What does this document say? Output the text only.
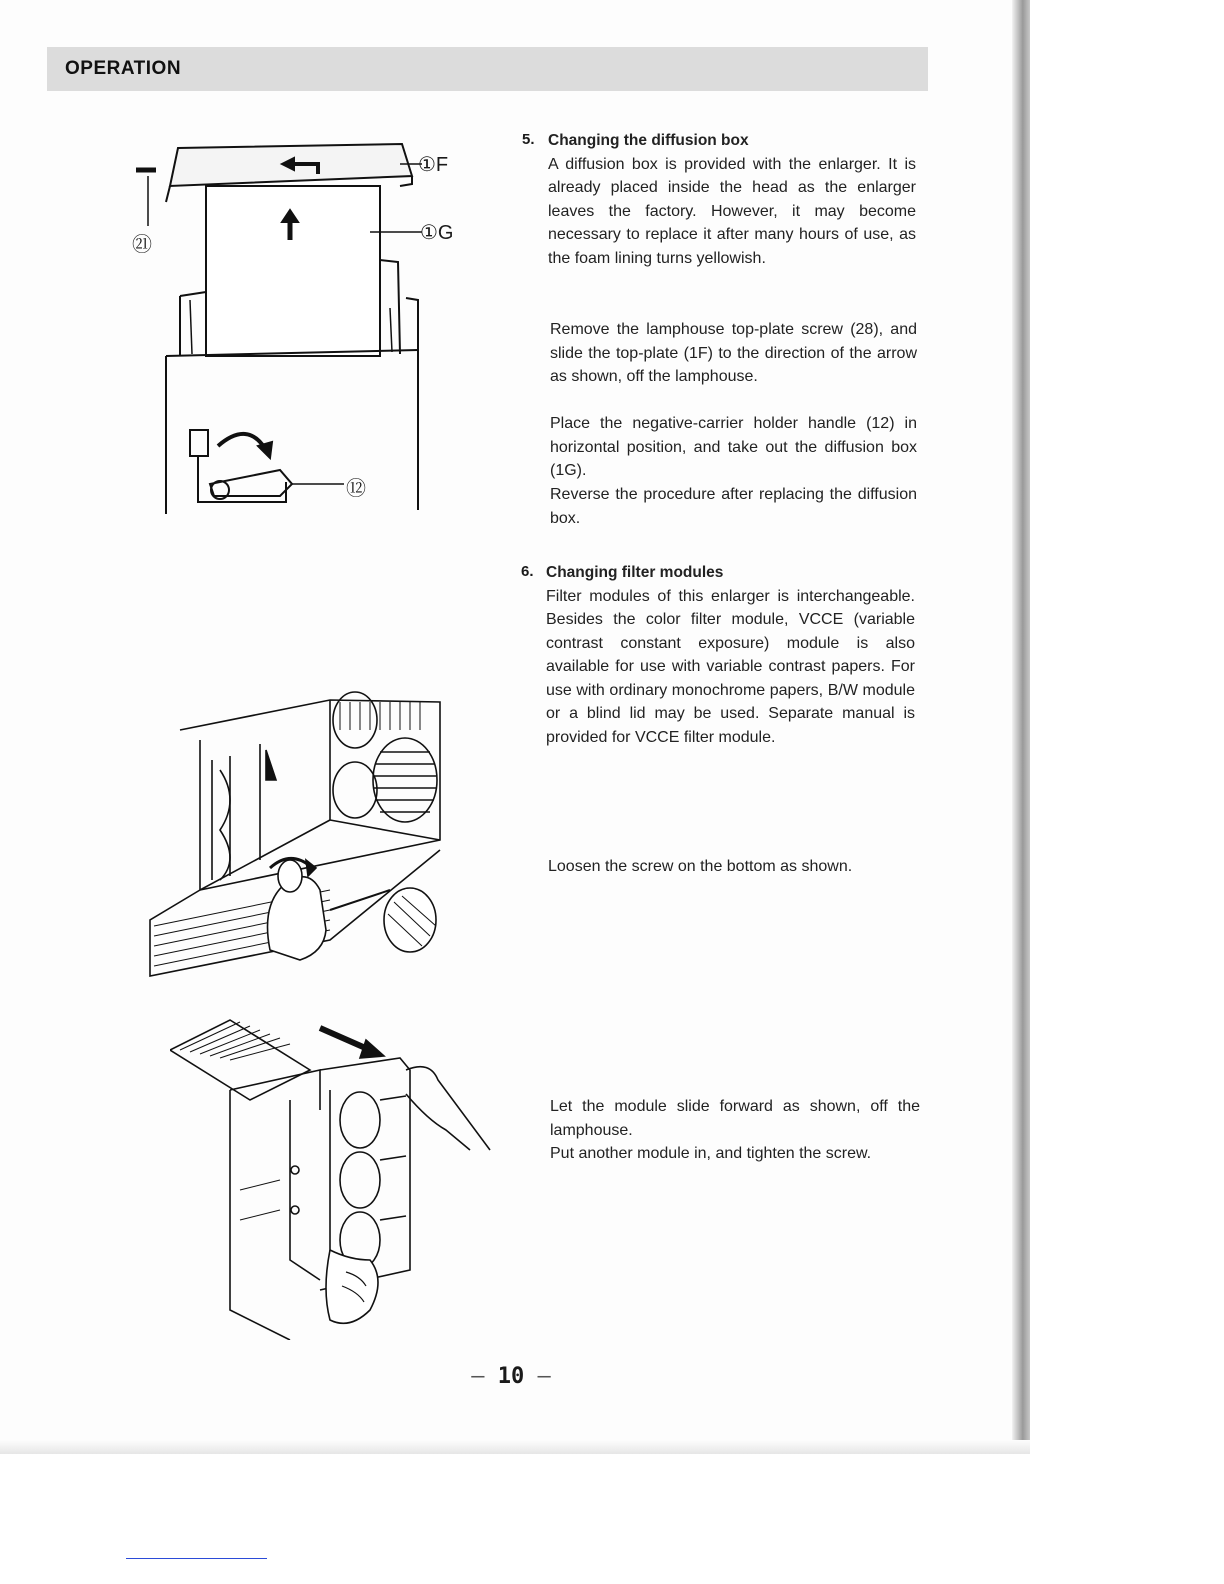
OPERATION
①F
①G
㉑
⑫
5. Changing the diffusion box
A diffusion box is provided with the enlarger. It is already placed inside the head as the enlarger leaves the factory. However, it may become necessary to replace it after many hours of use, as the foam lining turns yellowish.
Remove the lamphouse top-plate screw (28), and slide the top-plate (1F) to the direction of the arrow as shown, off the lamphouse.
Place the negative-carrier holder handle (12) in horizontal position, and take out the diffusion box (1G).
Reverse the procedure after replacing the diffusion box.
6. Changing filter modules
Filter modules of this enlarger is interchangeable. Besides the color filter module, VCCE (variable contrast constant exposure) module is also available for use with variable contrast papers. For use with ordinary monochrome papers, B/W module or a blind lid may be used. Separate manual is provided for VCCE filter module.
Loosen the screw on the bottom as shown.
Let the module slide forward as shown, off the lamphouse.
Put another module in, and tighten the screw.
— 10 —
